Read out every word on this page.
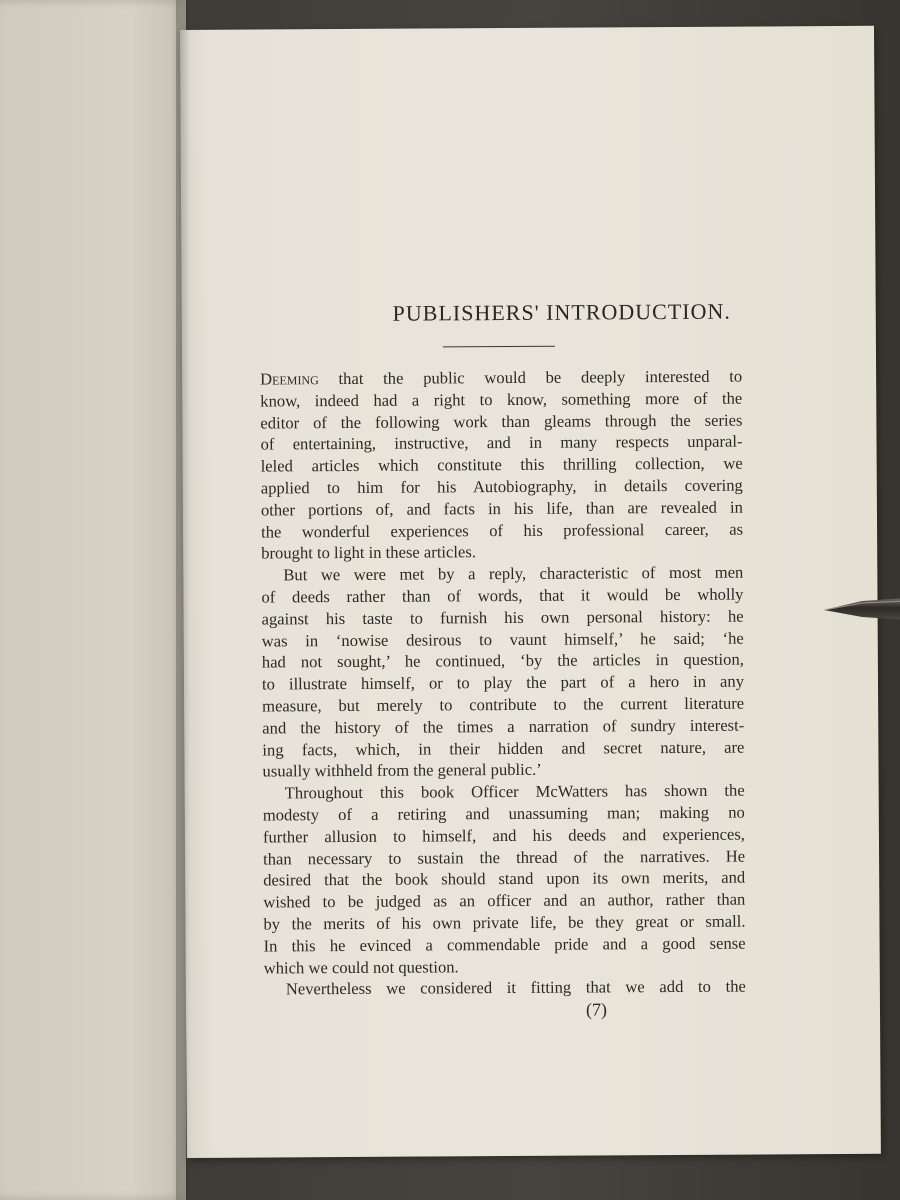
PUBLISHERS' INTRODUCTION.
Deeming that the public would be deeply interested to
know, indeed had a right to know, something more of the
editor of the following work than gleams through the series
of entertaining, instructive, and in many respects unparal-
leled articles which constitute this thrilling collection, we
applied to him for his Autobiography, in details covering
other portions of, and facts in his life, than are revealed in
the wonderful experiences of his professional career, as
brought to light in these articles.
But we were met by a reply, characteristic of most men
of deeds rather than of words, that it would be wholly
against his taste to furnish his own personal history: he
was in ‘nowise desirous to vaunt himself,’ he said; ‘he
had not sought,’ he continued, ‘by the articles in question,
to illustrate himself, or to play the part of a hero in any
measure, but merely to contribute to the current literature
and the history of the times a narration of sundry interest-
ing facts, which, in their hidden and secret nature, are
usually withheld from the general public.’
Throughout this book Officer McWatters has shown the
modesty of a retiring and unassuming man; making no
further allusion to himself, and his deeds and experiences,
than necessary to sustain the thread of the narratives. He
desired that the book should stand upon its own merits, and
wished to be judged as an officer and an author, rather than
by the merits of his own private life, be they great or small.
In this he evinced a commendable pride and a good sense
which we could not question.
Nevertheless we considered it fitting that we add to the
(7)
